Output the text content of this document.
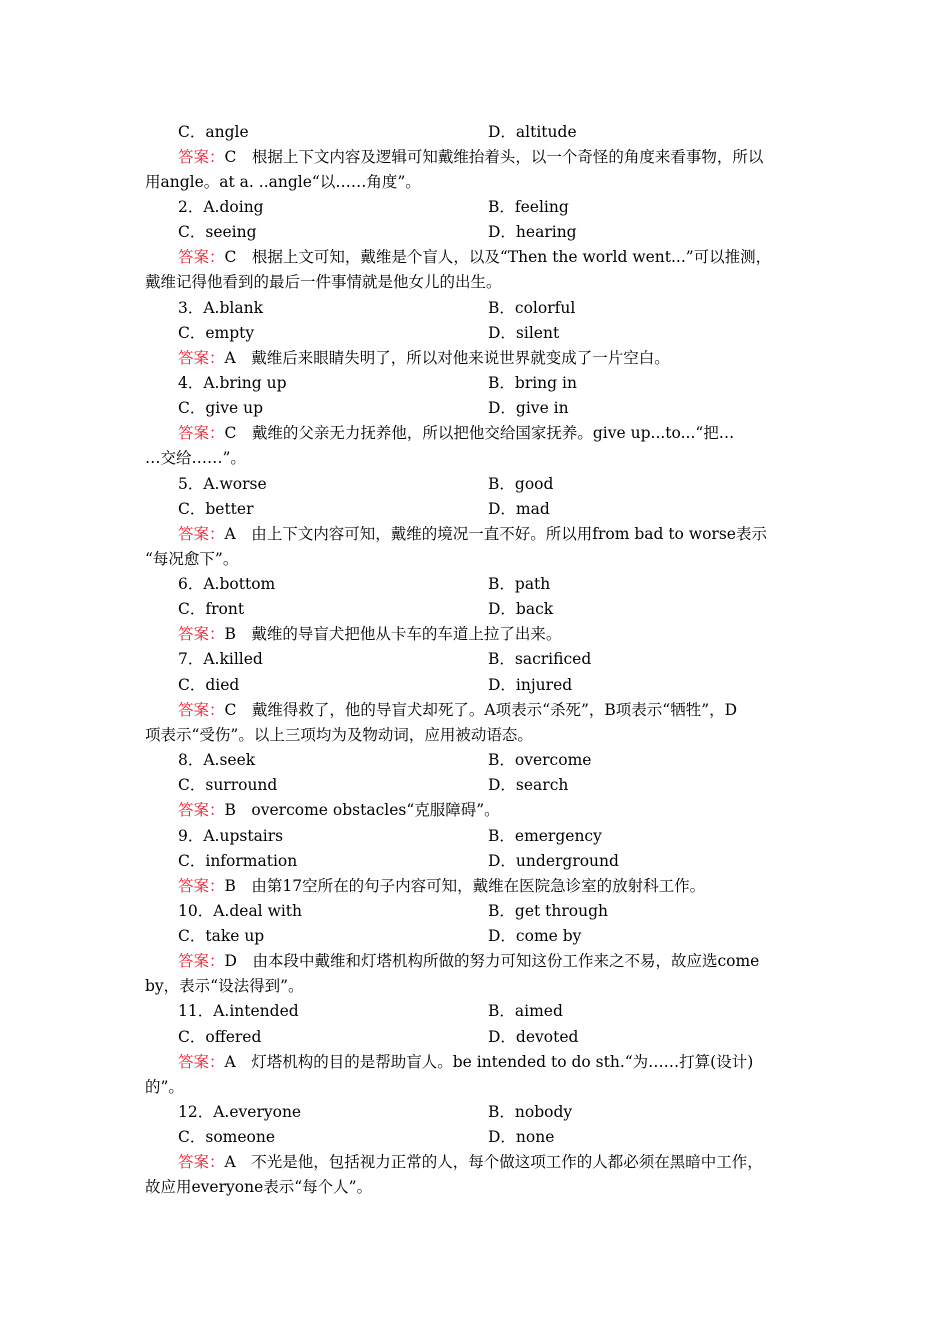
C．angle	D．altitude
答案：C　根据上下文内容及逻辑可知戴维抬着头，以一个奇怪的角度来看事物，所以
用angle。at a. ..angle“以……角度”。
2．A.doing	B．feeling
C．seeing	D．hearing
答案：C　根据上文可知，戴维是个盲人，以及“Then the world went...”可以推测，
戴维记得他看到的最后一件事情就是他女儿的出生。
3．A.blank	B．colorful
C．empty	D．silent
答案：A　戴维后来眼睛失明了，所以对他来说世界就变成了一片空白。
4．A.bring up	B．bring in
C．give up	D．give in
答案：C　戴维的父亲无力抚养他，所以把他交给国家抚养。give up...to...“把…
…交给……”。
5．A.worse	B．good
C．better	D．mad
答案：A　由上下文内容可知，戴维的境况一直不好。所以用from bad to worse表示
“每况愈下”。
6．A.bottom	B．path
C．front	D．back
答案：B　戴维的导盲犬把他从卡车的车道上拉了出来。
7．A.killed	B．sacrificed
C．died	D．injured
答案：C　戴维得救了，他的导盲犬却死了。A项表示“杀死”，B项表示“牺牲”，D
项表示“受伤”。以上三项均为及物动词，应用被动语态。
8．A.seek	B．overcome
C．surround	D．search
答案：B　overcome obstacles“克服障碍”。
9．A.upstairs	B．emergency
C．information	D．underground
答案：B　由第17空所在的句子内容可知，戴维在医院急诊室的放射科工作。
10．A.deal with	B．get through
C．take up	D．come by
答案：D　由本段中戴维和灯塔机构所做的努力可知这份工作来之不易，故应选come
by，表示“设法得到”。
11．A.intended	B．aimed
C．offered	D．devoted
答案：A　灯塔机构的目的是帮助盲人。be intended to do sth.“为……打算(设计)
的”。
12．A.everyone	B．nobody
C．someone	D．none
答案：A　不光是他，包括视力正常的人，每个做这项工作的人都必须在黑暗中工作，
故应用everyone表示“每个人”。
